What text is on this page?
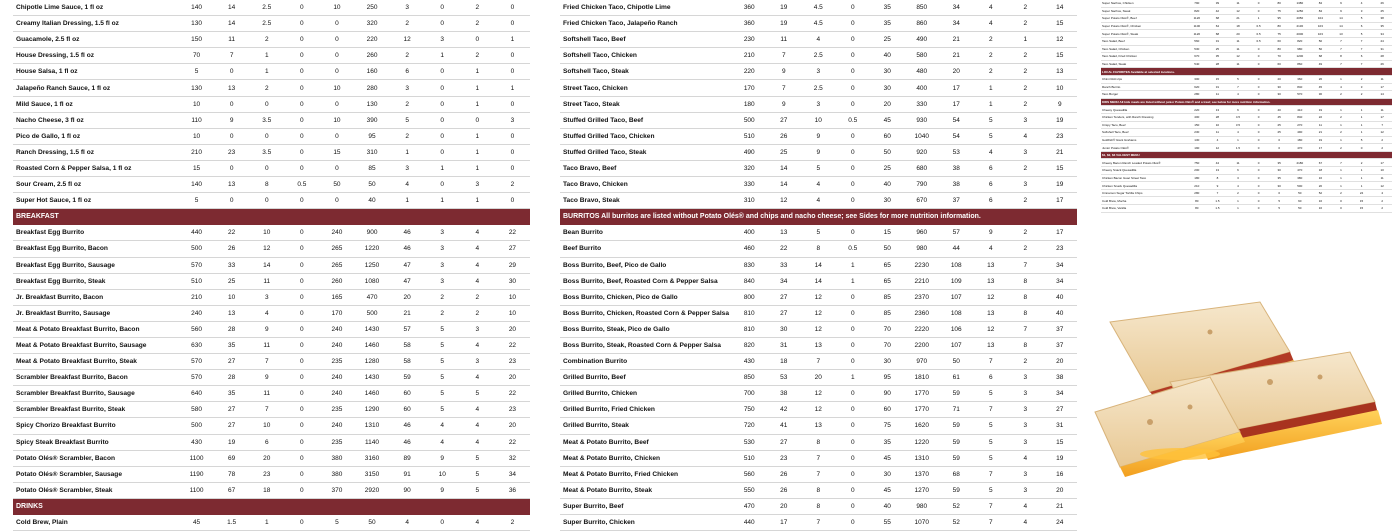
Chipotle Lime Sauce, 1 fl oz	140	14	2.5	0	10	250	3	0	2	0
Creamy Italian Dressing, 1.5 fl oz	130	14	2.5	0	0	320	2	0	2	0
Guacamole, 2.5 fl oz	150	11	2	0	0	220	12	3	0	1
House Dressing, 1.5 fl oz	70	7	1	0	0	260	2	1	2	0
House Salsa, 1 fl oz	5	0	1	0	0	160	6	0	1	0
Jalapeño Ranch Sauce, 1 fl oz	130	13	2	0	10	280	3	0	1	1
Mild Sauce, 1 fl oz	10	0	0	0	0	130	2	0	1	0
Nacho Cheese, 3 fl oz	110	9	3.5	0	10	390	5	0	0	3
Pico de Gallo, 1 fl oz	10	0	0	0	0	95	2	0	1	0
Ranch Dressing, 1.5 fl oz	210	23	3.5	0	15	310	1	0	1	0
Roasted Corn & Pepper Salsa, 1 fl oz	15	0	0	0	0	85	3	1	1	0
Sour Cream, 2.5 fl oz	140	13	8	0.5	50	50	4	0	3	2
Super Hot Sauce, 1 fl oz	5	0	0	0	0	40	1	1	1	0
BREAKFAST										
Breakfast Egg Burrito	440	22	10	0	240	900	46	3	4	22
Breakfast Egg Burrito, Bacon	500	26	12	0	265	1220	46	3	4	27
Breakfast Egg Burrito, Sausage	570	33	14	0	265	1250	47	3	4	29
Breakfast Egg Burrito, Steak	510	25	11	0	260	1080	47	3	4	30
Jr. Breakfast Burrito, Bacon	210	10	3	0	165	470	20	2	2	10
Jr. Breakfast Burrito, Sausage	240	13	4	0	170	500	21	2	2	10
Meat & Potato Breakfast Burrito, Bacon	560	28	9	0	240	1430	57	5	3	20
Meat & Potato Breakfast Burrito, Sausage	630	35	11	0	240	1460	58	5	4	22
Meat & Potato Breakfast Burrito, Steak	570	27	7	0	235	1280	58	5	3	23
Scrambler Breakfast Burrito, Bacon	570	28	9	0	240	1430	59	5	4	20
Scrambler Breakfast Burrito, Sausage	640	35	11	0	240	1460	60	5	5	22
Scrambler Breakfast Burrito, Steak	580	27	7	0	235	1290	60	5	4	23
Spicy Chorizo Breakfast Burrito	500	27	10	0	240	1310	46	4	4	20
Spicy Steak Breakfast Burrito	430	19	6	0	235	1140	46	4	4	22
Potato Olés® Scrambler, Bacon	1100	69	20	0	380	3160	89	9	5	32
Potato Olés® Scrambler, Sausage	1190	78	23	0	380	3150	91	10	5	34
Potato Olés® Scrambler, Steak	1100	67	18	0	370	2920	90	9	5	36
DRINKS										
Cold Brew, Plain	45	1.5	1	0	5	50	4	0	4	2
Fried Chicken Taco, Chipotle Lime	360	19	4.5	0	35	850	34	4	2	14
Fried Chicken Taco, Jalapeño Ranch	360	19	4.5	0	35	860	34	4	2	15
Softshell Taco, Beef	230	11	4	0	25	490	21	2	1	12
Softshell Taco, Chicken	210	7	2.5	0	40	580	21	2	2	15
Softshell Taco, Steak	220	9	3	0	30	480	20	2	2	13
Street Taco, Chicken	170	7	2.5	0	30	400	17	1	2	10
Street Taco, Steak	180	9	3	0	20	330	17	1	2	9
Stuffed Grilled Taco, Beef	500	27	10	0.5	45	930	54	5	3	19
Stuffed Grilled Taco, Chicken	510	26	9	0	60	1040	54	5	4	23
Stuffed Grilled Taco, Steak	490	25	9	0	50	920	53	4	3	21
Taco Bravo, Beef	320	14	5	0	25	680	38	6	2	15
Taco Bravo, Chicken	330	14	4	0	40	790	38	6	3	19
Taco Bravo, Steak	310	12	4	0	30	670	37	6	2	17
BURRITOS All burritos are listed without Potato Olés® and chips and nacho cheese; see Sides for more nutrition information.										
Bean Burrito	400	13	5	0	15	960	57	9	2	17
Beef Burrito	460	22	8	0.5	50	980	44	4	2	23
Boss Burrito, Beef, Pico de Gallo	830	33	14	1	65	2230	108	13	7	34
Boss Burrito, Beef, Roasted Corn & Pepper Salsa	840	34	14	1	65	2210	109	13	8	34
Boss Burrito, Chicken, Pico de Gallo	800	27	12	0	85	2370	107	12	8	40
Boss Burrito, Chicken, Roasted Corn & Pepper Salsa	810	27	12	0	85	2360	108	13	8	40
Boss Burrito, Steak, Pico de Gallo	810	30	12	0	70	2220	106	12	7	37
Boss Burrito, Steak, Roasted Corn & Pepper Salsa	820	31	13	0	70	2200	107	13	8	37
Combination Burrito	430	18	7	0	30	970	50	7	2	20
Grilled Burrito, Beef	850	53	20	1	95	1810	61	6	3	38
Grilled Burrito, Chicken	700	38	12	0	90	1770	59	5	3	34
Grilled Burrito, Fried Chicken	750	42	12	0	60	1770	71	7	3	27
Grilled Burrito, Steak	720	41	13	0	75	1620	59	5	3	31
Meat & Potato Burrito, Beef	530	27	8	0	35	1220	59	5	3	15
Meat & Potato Burrito, Chicken	510	23	7	0	45	1310	59	5	4	19
Meat & Potato Burrito, Fried Chicken	560	26	7	0	30	1370	68	7	3	16
Meat & Potato Burrito, Steak	550	26	8	0	45	1270	59	5	3	20
Super Burrito, Beef	470	20	8	0	40	980	52	7	4	21
Super Burrito, Chicken	440	17	7	0	55	1070	52	7	4	24
Super Nachos, Chicken	790	39	11	0	80	1380	84	9	4	26
Super Nachos, Steak	820	42	12	0	75	1250	84	9	3	25
Super Potato Olés®, Beef	1120	68	21	1	95	2050	104	14	5	38
Super Potato Olés®, Chicken	1100	64	18	0.5	80	2130	103	14	6	35
Super Potato Olés®, Steak	1120	68	20	0.5	75	2000	103	13	5	34
Taco Salad, Beef	560	31	11	0.5	60	820	50	7	7	24
Taco Salad, Chicken	530	25	11	0	80	980	50	7	7	31
Taco Salad, Fried Chicken	670	35	12	0	70	1200	68	8	6	28
Taco Salad, Steak	540	28	11	0	60	860	49	7	7	26
LOCAL FAVORITES Available at selected locations.										
Chimi Roll-Ups	300	15	5	0	20	360	26	1	2	11
Ranch Burrito	620	31	7	0	30	840	45	4	3	17
Taco Burger	280	11	4	0	30	570	30	2	2	14
KIDS MENU All kids meals are listed without junior Potato Olés® and a treat; see below for more nutrition information.										
Cheesy Quesadilla	220	13	6	0	40	410	19	1	1	11
Chicken Tenders, with Ranch Dressing	400	28	4.5	0	45	840	22	2	1	17
Crispy Taco, Beef	150	10	3.5	0	25	270	11	1	1	7
Softshell Taco, Beef	230	11	4	0	25	490	21	2	1	12
Goldfish® Giant Grahams	130	4	1	0	0	180	19	1	5	2
Junior Potato Olés®	190	12	1.5	0	0	470	17	2	0	2
$1, $2, $3 VALUEST MENU										
Cheesy Bacon Ranch Loaded Potato Olés®	750	44	11	0	35	2180	67	7	2	17
Cheesy Snack Quesadilla	200	13	6	0	30	470	18	1	1	10
Chicken Bacon Guac Street Taco	180	8	3	0	35	380	16	1	1	11
Chicken Snack Quesadilla	210	9	4	0	30	500	20	1	1	12
Cinnamon Sugar Tortilla Chips	280	7	2	0	0	50	52	2	24	4
Cold Brew, Mocha	80	1.5	1	0	5	60	16	0	15	2
Cold Brew, Vanilla	80	1.5	1	0	5	50	16	0	15	2
